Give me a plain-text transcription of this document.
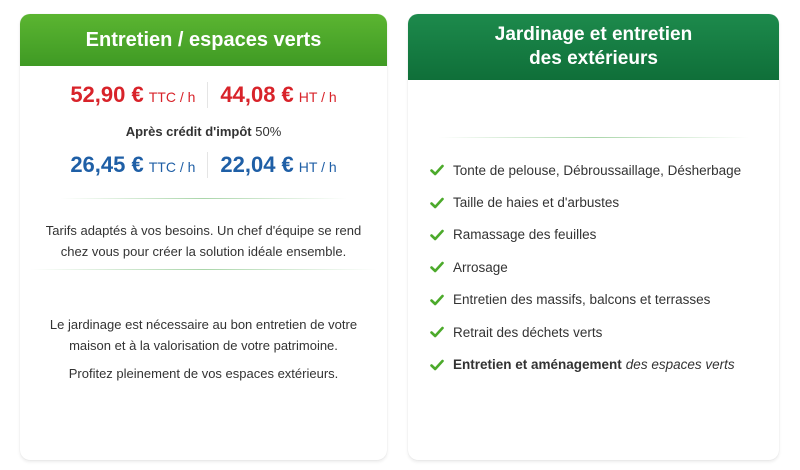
Entretien / espaces verts
52,90 € TTC / h 44,08 € HT / h
Après crédit d'impôt 50%
26,45 € TTC / h 22,04 € HT / h
Tarifs adaptés à vos besoins. Un chef d'équipe se rend
chez vous pour créer la solution idéale ensemble.
Le jardinage est nécessaire au bon entretien de votre
maison et à la valorisation de votre patrimoine.
Profitez pleinement de vos espaces extérieurs.
Jardinage et entretien
des extérieurs
Tonte de pelouse, Débroussaillage, Désherbage
Taille de haies et d'arbustes
Ramassage des feuilles
Arrosage
Entretien des massifs, balcons et terrasses
Retrait des déchets verts
Entretien et aménagement des espaces verts
